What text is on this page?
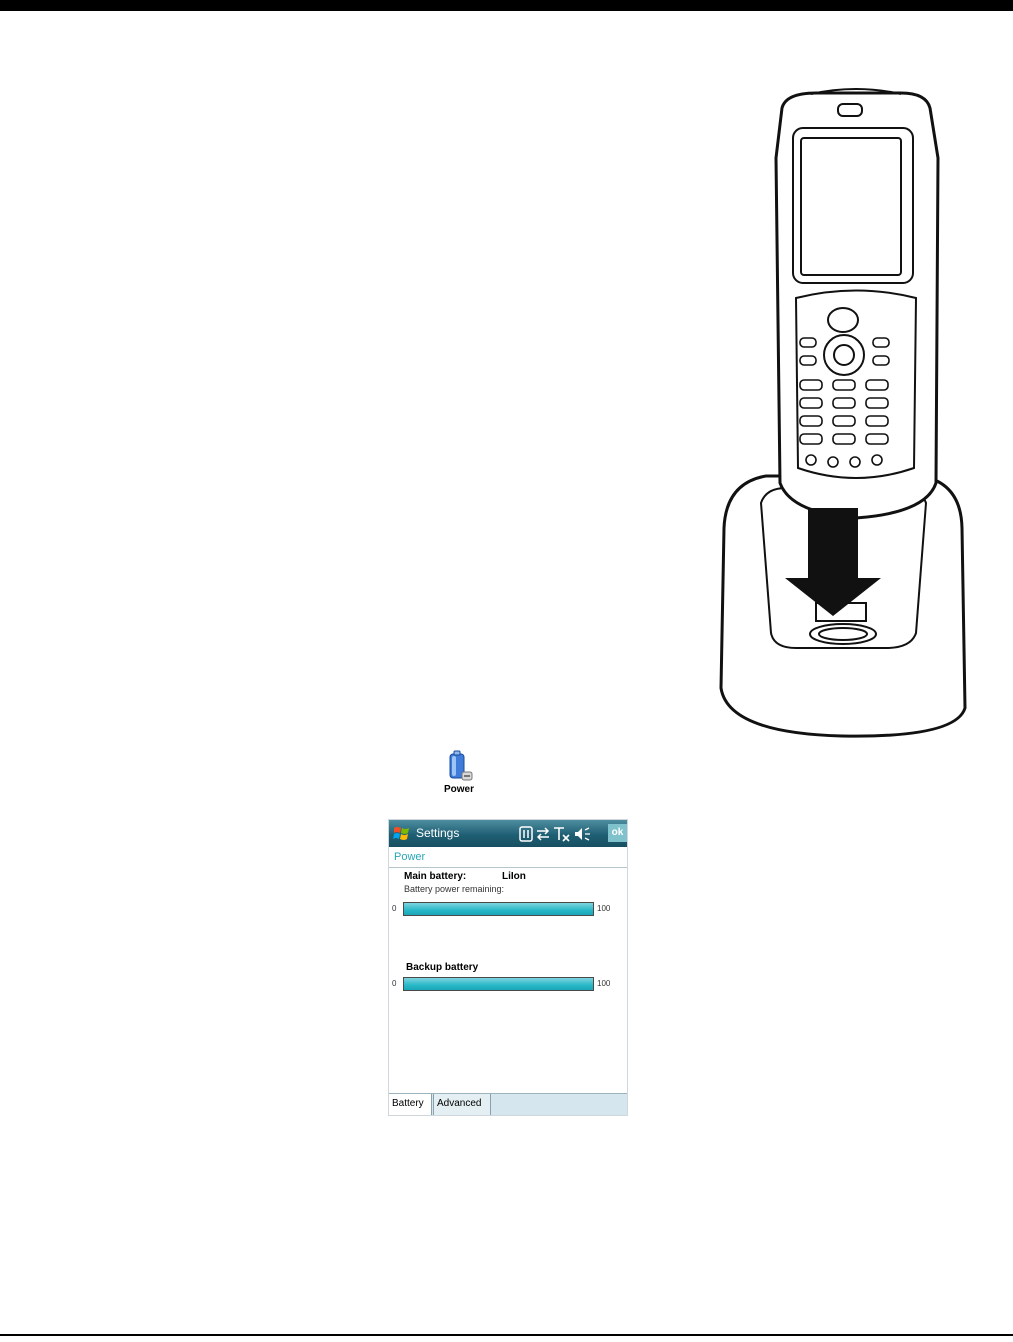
Power
Settings	ok
Power
Main battery:	LiIon
Battery power remaining:
0	100
Backup battery
0	100
Battery	Advanced
